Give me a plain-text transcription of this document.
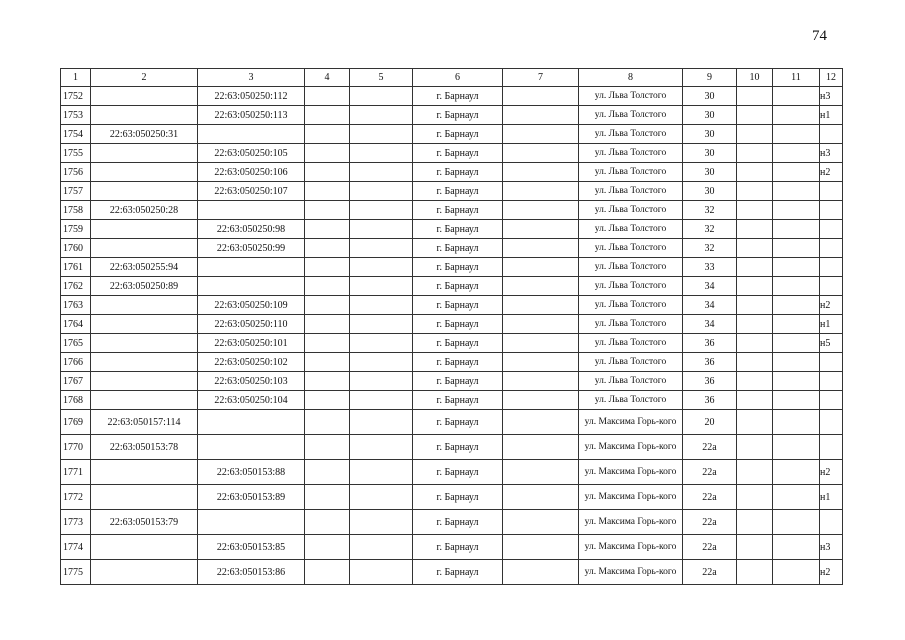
74
1	2	3	4	5	6	7	8	9	10	11	12
1752		22:63:050250:112			г. Барнаул		ул. Льва Толстого	30			н3
1753		22:63:050250:113			г. Барнаул		ул. Льва Толстого	30			н1
1754	22:63:050250:31				г. Барнаул		ул. Льва Толстого	30			
1755		22:63:050250:105			г. Барнаул		ул. Льва Толстого	30			н3
1756		22:63:050250:106			г. Барнаул		ул. Льва Толстого	30			н2
1757		22:63:050250:107			г. Барнаул		ул. Льва Толстого	30			
1758	22:63:050250:28				г. Барнаул		ул. Льва Толстого	32			
1759		22:63:050250:98			г. Барнаул		ул. Льва Толстого	32			
1760		22:63:050250:99			г. Барнаул		ул. Льва Толстого	32			
1761	22:63:050255:94				г. Барнаул		ул. Льва Толстого	33			
1762	22:63:050250:89				г. Барнаул		ул. Льва Толстого	34			
1763		22:63:050250:109			г. Барнаул		ул. Льва Толстого	34			н2
1764		22:63:050250:110			г. Барнаул		ул. Льва Толстого	34			н1
1765		22:63:050250:101			г. Барнаул		ул. Льва Толстого	36			н5
1766		22:63:050250:102			г. Барнаул		ул. Льва Толстого	36			
1767		22:63:050250:103			г. Барнаул		ул. Льва Толстого	36			
1768		22:63:050250:104			г. Барнаул		ул. Льва Толстого	36			
1769	22:63:050157:114				г. Барнаул		ул. Максима Горь-кого	20			
1770	22:63:050153:78				г. Барнаул		ул. Максима Горь-кого	22а			
1771		22:63:050153:88			г. Барнаул		ул. Максима Горь-кого	22а			н2
1772		22:63:050153:89			г. Барнаул		ул. Максима Горь-кого	22а			н1
1773	22:63:050153:79				г. Барнаул		ул. Максима Горь-кого	22а			
1774		22:63:050153:85			г. Барнаул		ул. Максима Горь-кого	22а			н3
1775		22:63:050153:86			г. Барнаул		ул. Максима Горь-кого	22а			н2
